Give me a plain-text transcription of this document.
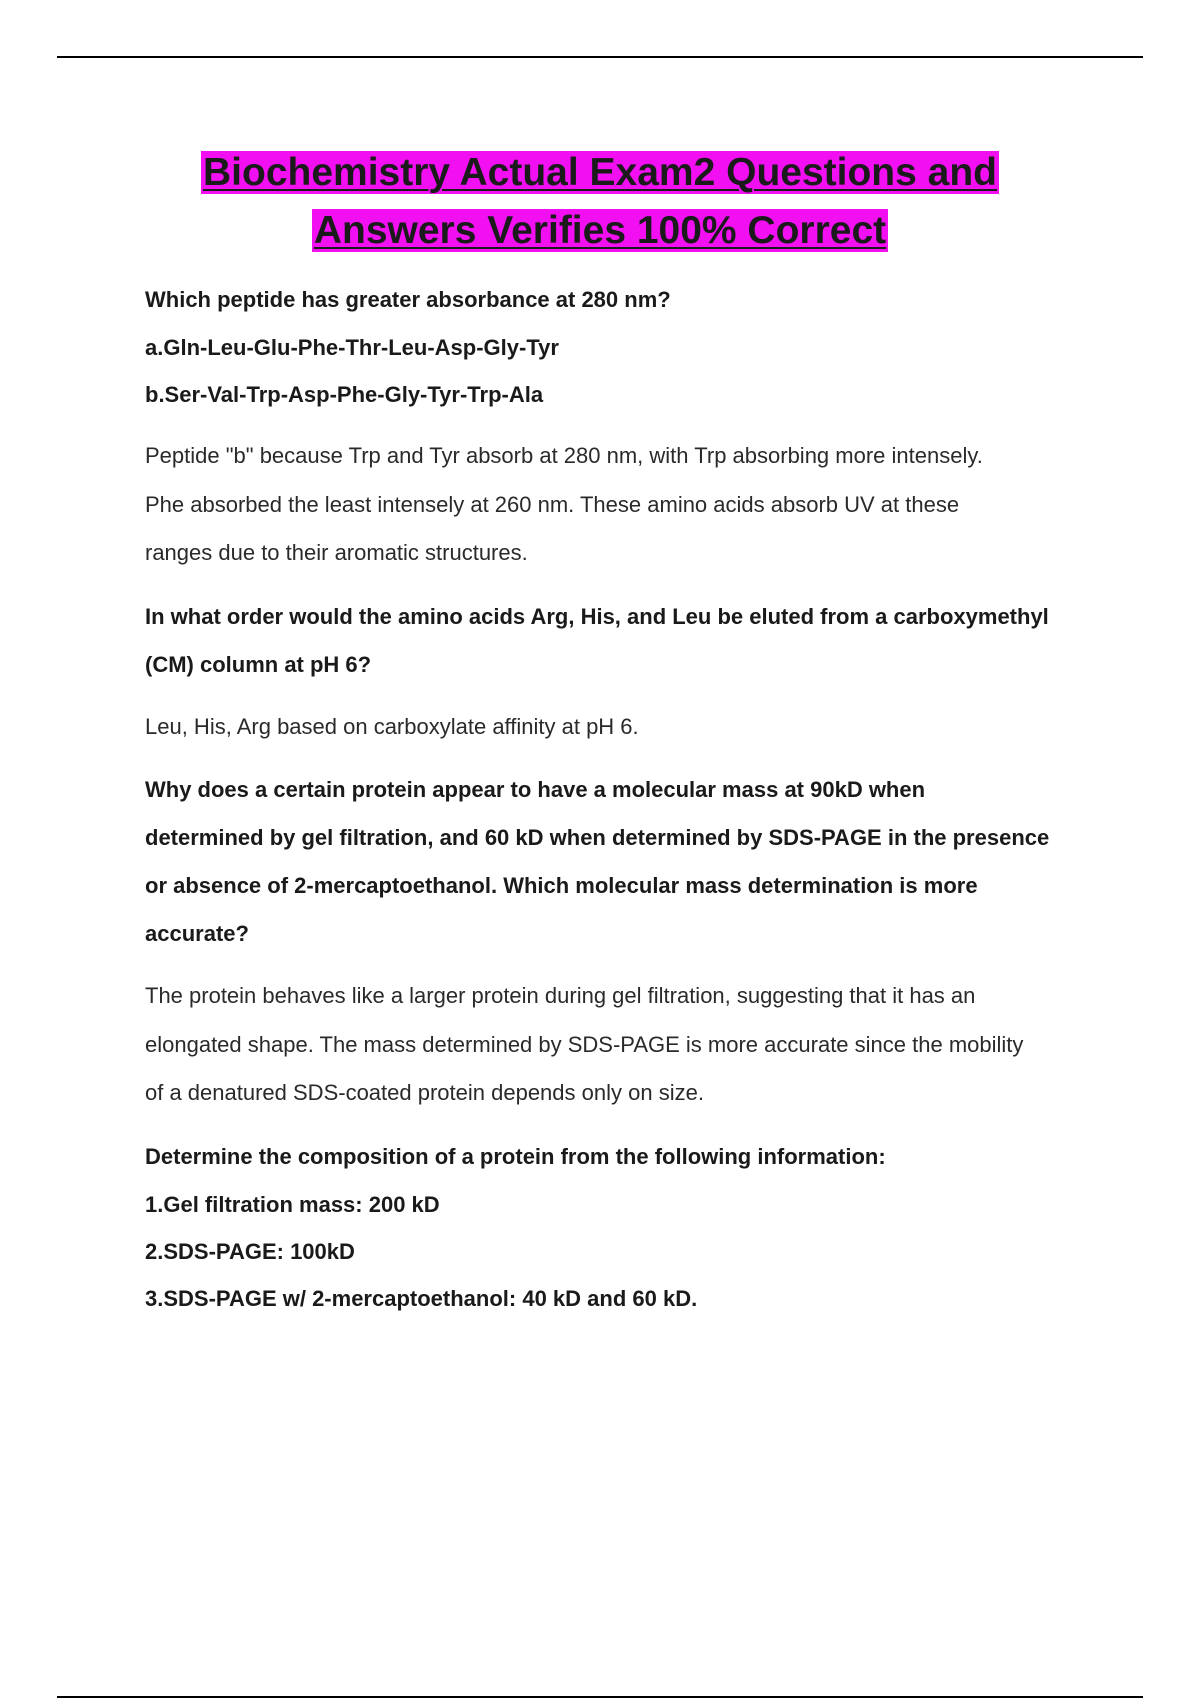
Biochemistry Actual Exam2 Questions and
Answers Verifies 100% Correct

Which peptide has greater absorbance at 280 nm?

a.Gln-Leu-Glu-Phe-Thr-Leu-Asp-Gly-Tyr

b.Ser-Val-Trp-Asp-Phe-Gly-Tyr-Trp-Ala

Peptide "b" because Trp and Tyr absorb at 280 nm, with Trp absorbing more intensely.

Phe absorbed the least intensely at 260 nm. These amino acids absorb UV at these

ranges due to their aromatic structures.

In what order would the amino acids Arg, His, and Leu be eluted from a carboxymethyl

(CM) column at pH 6?

Leu, His, Arg based on carboxylate affinity at pH 6.

Why does a certain protein appear to have a molecular mass at 90kD when

determined by gel filtration, and 60 kD when determined by SDS-PAGE in the presence

or absence of 2-mercaptoethanol. Which molecular mass determination is more

accurate?

The protein behaves like a larger protein during gel filtration, suggesting that it has an

elongated shape. The mass determined by SDS-PAGE is more accurate since the mobility

of a denatured SDS-coated protein depends only on size.

Determine the composition of a protein from the following information:

1.Gel filtration mass: 200 kD

2.SDS-PAGE: 100kD

3.SDS-PAGE w/ 2-mercaptoethanol: 40 kD and 60 kD.
